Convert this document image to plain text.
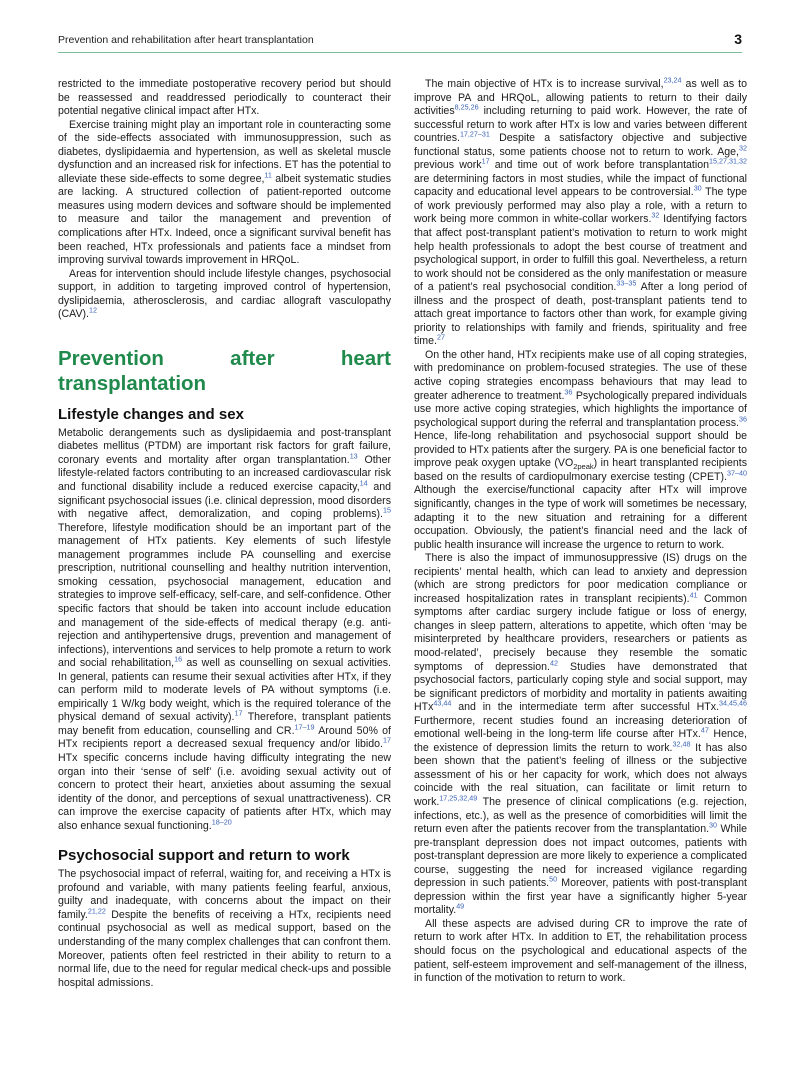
Prevention and rehabilitation after heart transplantation	3

restricted to the immediate postoperative recovery period but should be reassessed and readdressed periodically to counteract their potential negative clinical impact after HTx.

Exercise training might play an important role in counteracting some of the side-effects associated with immunosuppression, such as diabetes, dyslipidaemia and hypertension, as well as skeletal muscle dysfunction and an increased risk for infections. ET has the potential to alleviate these side-effects to some degree,$^{11}$ albeit systematic studies are lacking. A structured collection of patient-reported outcome measures using modern devices and software should be implemented to measure and tailor the management and prevention of complications after HTx. Indeed, once a significant survival benefit has been reached, HTx professionals and patients face a mindset from improving survival towards improvement in HRQoL.

Areas for intervention should include lifestyle changes, psychosocial support, in addition to targeting improved control of hypertension, dyslipidaemia, atherosclerosis, and cardiac allograft vasculopathy (CAV).$^{12}$

Prevention after heart transplantation
Lifestyle changes and sex

Metabolic derangements such as dyslipidaemia and post-transplant diabetes mellitus (PTDM) are important risk factors for graft failure, coronary events and mortality after organ transplantation.$^{13}$ Other lifestyle-related factors contributing to an increased cardiovascular risk and functional disability include a reduced exercise capacity,$^{14}$ and significant psychosocial issues (i.e. clinical depression, mood disorders with negative affect, demoralization, and coping problems).$^{15}$ Therefore, lifestyle modification should be an important part of the management of HTx patients. Key elements of such lifestyle management programmes include PA counselling and exercise prescription, nutritional counselling and healthy nutrition intervention, smoking cessation, psychosocial management, education and strategies to improve self-efficacy, self-care, and self-confidence. Other specific factors that should be taken into account include education and management of the side-effects of medical therapy (e.g. anti-rejection and antihypertensive drugs, prevention and management of infections), interventions and services to help promote a return to work and social rehabilitation,$^{16}$ as well as counselling on sexual activities. In general, patients can resume their sexual activities after HTx, if they can perform mild to moderate levels of PA without symptoms (i.e. empirically 1 W/kg body weight, which is the required tolerance of the physical demand of sexual activity).$^{17}$ Therefore, transplant patients may benefit from education, counselling and CR.$^{17-19}$ Around 50% of HTx recipients report a decreased sexual frequency and/or libido.$^{17}$ HTx specific concerns include having difficulty integrating the new organ into their ‘sense of self’ (i.e. avoiding sexual activity out of concern to protect their heart, anxieties about assuming the sexual identity of the donor, and perceptions of sexual unattractiveness). CR can improve the exercise capacity of patients after HTx, which may also enhance sexual functioning.$^{18-20}$

Psychosocial support and return to work

The psychosocial impact of referral, waiting for, and receiving a HTx is profound and variable, with many patients feeling fearful, anxious, guilty and inadequate, with concerns about the impact on their family.$^{21,22}$ Despite the benefits of receiving a HTx, recipients need continual psychosocial as well as medical support, based on the understanding of the many complex challenges that can confront them. Moreover, patients often feel restricted in their ability to return to a normal life, due to the need for regular medical check-ups and possible hospital admissions.

The main objective of HTx is to increase survival,$^{23,24}$ as well as to improve PA and HRQoL, allowing patients to return to their daily activities$^{8,25,26}$ including returning to paid work. However, the rate of successful return to work after HTx is low and varies between different countries.$^{17,27-31}$ Despite a satisfactory objective and subjective functional status, some patients choose not to return to work. Age,$^{32}$ previous work$^{17}$ and time out of work before transplantation$^{15,27,31,32}$ are determining factors in most studies, while the impact of functional capacity and educational level appears to be controversial.$^{30}$ The type of work previously performed may also play a role, with a return to work being more common in white-collar workers.$^{32}$ Identifying factors that affect post-transplant patient’s motivation to return to work might help health professionals to adopt the best course of treatment and psychological support, in order to fulfill this goal. Nevertheless, a return to work should not be considered as the only manifestation or measure of a patient’s real psychosocial condition.$^{33-35}$ After a long period of illness and the prospect of death, post-transplant patients tend to attach great importance to factors other than work, for example giving priority to relationships with family and friends, spirituality and free time.$^{27}$

On the other hand, HTx recipients make use of all coping strategies, with predominance on problem-focused strategies. The use of these active coping strategies encompass behaviours that may lead to greater adherence to treatment.$^{36}$ Psychologically prepared individuals use more active coping strategies, which highlights the importance of psychological support during the referral and transplantation process.$^{36}$ Hence, life-long rehabilitation and psychosocial support should be provided to HTx patients after the surgery. PA is one beneficial factor to improve peak oxygen uptake $(VO_{2peak})$ in heart transplanted recipients based on the results of cardiopulmonary exercise testing (CPET).$^{37-40}$ Although the exercise/functional capacity after HTx will improve significantly, changes in the type of work will sometimes be necessary, adapting it to the new situation and retraining for a different occupation. Obviously, the patient’s financial need and the lack of public health insurance will increase the urgence to return to work.

There is also the impact of immunosuppressive (IS) drugs on the recipients’ mental health, which can lead to anxiety and depression (which are strong predictors for poor medication compliance or increased hospitalization rates in transplant recipients).$^{41}$ Common symptoms after cardiac surgery include fatigue or loss of energy, changes in sleep pattern, alterations to appetite, which often ‘may be misinterpreted by healthcare providers, researchers or patients as mood-related’, precisely because they resemble the somatic symptoms of depression.$^{42}$ Studies have demonstrated that psychosocial factors, particularly coping style and social support, may be significant predictors of morbidity and mortality in patients awaiting HTx$^{43,44}$ and in the intermediate term after successful HTx.$^{34,45,46}$ Furthermore, recent studies found an increasing deterioration of emotional well-being in the long-term life course after HTx.$^{47}$ Hence, the existence of depression limits the return to work.$^{32,48}$ It has also been shown that the patient’s feeling of illness or the subjective assessment of his or her capacity for work, which does not always coincide with the real situation, can facilitate or limit return to work.$^{17,25,32,49}$ The presence of clinical complications (e.g. rejection, infections, etc.), as well as the presence of comorbidities will limit the return even after the patients recover from the transplantation.$^{30}$ While pre-transplant depression does not impact outcomes, patients with post-transplant depression are more likely to experience a complicated course, suggesting the need for increased vigilance regarding depression in such patients.$^{50}$ Moreover, patients with post-transplant depression within the first year have a significantly higher 5-year mortality.$^{49}$

All these aspects are advised during CR to improve the rate of return to work after HTx. In addition to ET, the rehabilitation process should focus on the psychological and educational aspects of the patient, self-esteem improvement and self-management of the illness, in function of the motivation to return to work.
